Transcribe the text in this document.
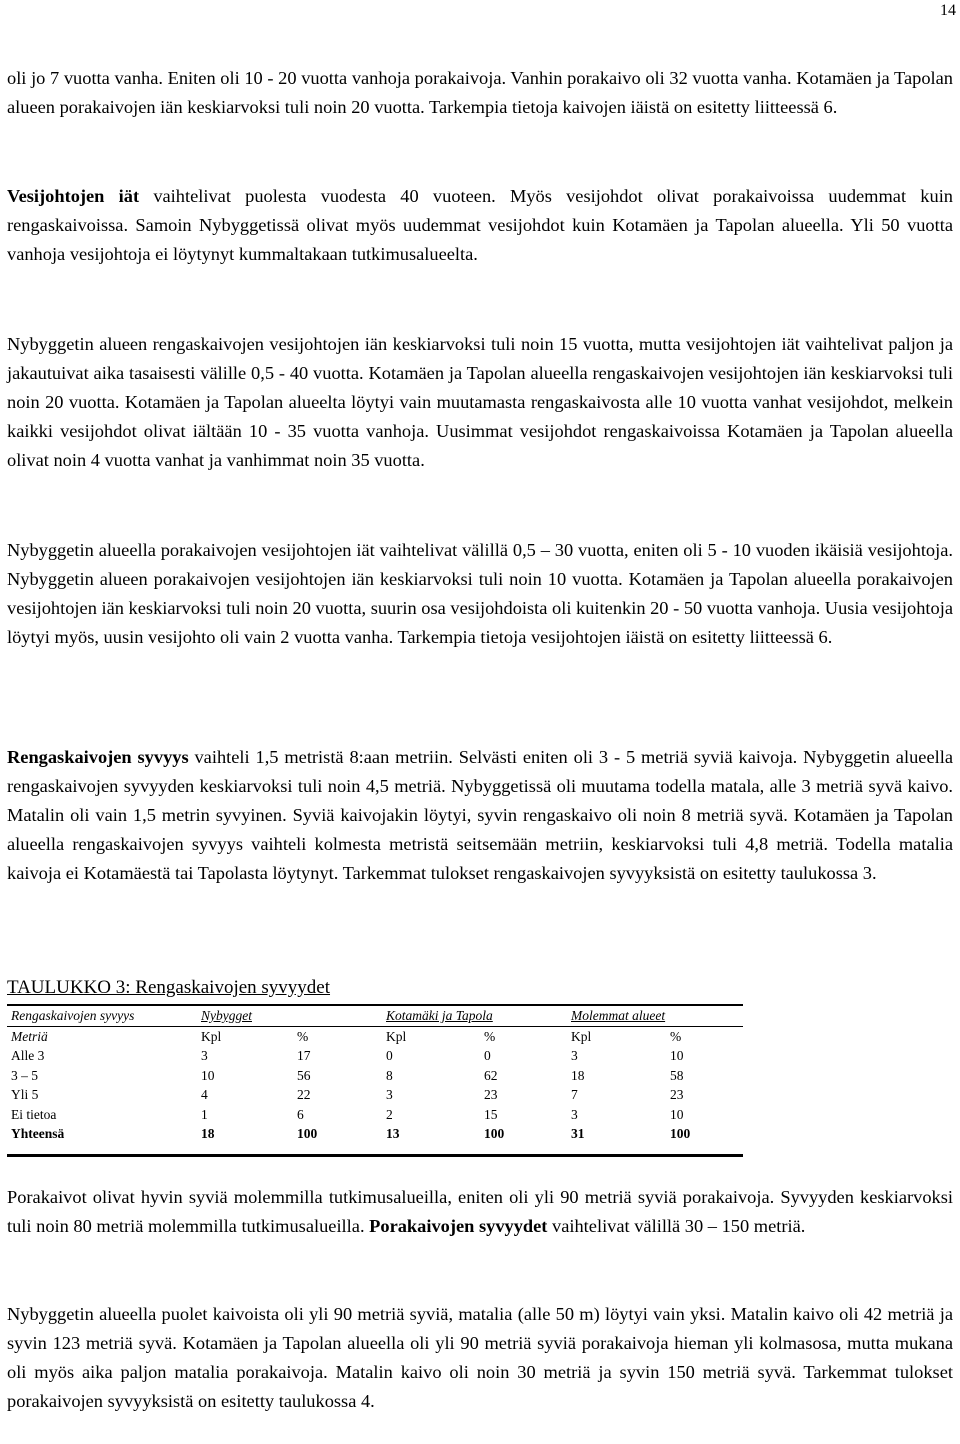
14

oli jo 7 vuotta vanha. Eniten oli 10 - 20 vuotta vanhoja porakaivoja. Vanhin porakaivo oli 32 vuotta vanha. Kotamäen ja Tapolan alueen porakaivojen iän keskiarvoksi tuli noin 20 vuotta. Tarkempia tietoja kaivojen iäistä on esitetty liitteessä 6.

Vesijohtojen iät vaihtelivat puolesta vuodesta 40 vuoteen. Myös vesijohdot olivat porakaivoissa uudemmat kuin rengaskaivoissa. Samoin Nybyggetissä olivat myös uudemmat vesijohdot kuin Kotamäen ja Tapolan alueella. Yli 50 vuotta vanhoja vesijohtoja ei löytynyt kummaltakaan tutkimusalueelta.

Nybyggetin alueen rengaskaivojen vesijohtojen iän keskiarvoksi tuli noin 15 vuotta, mutta vesijohtojen iät vaihtelivat paljon ja jakautuivat aika tasaisesti välille 0,5 - 40 vuotta. Kotamäen ja Tapolan alueella rengaskaivojen vesijohtojen iän keskiarvoksi tuli noin 20 vuotta. Kotamäen ja Tapolan alueelta löytyi vain muutamasta rengaskaivosta alle 10 vuotta vanhat vesijohdot, melkein kaikki vesijohdot olivat iältään 10 - 35 vuotta vanhoja. Uusimmat vesijohdot rengaskaivoissa Kotamäen ja Tapolan alueella olivat noin 4 vuotta vanhat ja vanhimmat noin 35 vuotta.

Nybyggetin alueella porakaivojen vesijohtojen iät vaihtelivat välillä 0,5 – 30 vuotta, eniten oli 5 - 10 vuoden ikäisiä vesijohtoja. Nybyggetin alueen porakaivojen vesijohtojen iän keskiarvoksi tuli noin 10 vuotta. Kotamäen ja Tapolan alueella porakaivojen vesijohtojen iän keskiarvoksi tuli noin 20 vuotta, suurin osa vesijohdoista oli kuitenkin 20 - 50 vuotta vanhoja. Uusia vesijohtoja löytyi myös, uusin vesijohto oli vain 2 vuotta vanha. Tarkempia tietoja vesijohtojen iäistä on esitetty liitteessä 6.

Rengaskaivojen syvyys vaihteli 1,5 metristä 8:aan metriin. Selvästi eniten oli 3 - 5 metriä syviä kaivoja. Nybyggetin alueella rengaskaivojen syvyyden keskiarvoksi tuli noin 4,5 metriä. Nybyggetissä oli muutama todella matala, alle 3 metriä syvä kaivo. Matalin oli vain 1,5 metrin syvyinen. Syviä kaivojakin löytyi, syvin rengaskaivo oli noin 8 metriä syvä. Kotamäen ja Tapolan alueella rengaskaivojen syvyys vaihteli kolmesta metristä seitsemään metriin, keskiarvoksi tuli 4,8 metriä. Todella matalia kaivoja ei Kotamäestä tai Tapolasta löytynyt. Tarkemmat tulokset rengaskaivojen syvyyksistä on esitetty taulukossa 3.

TAULUKKO 3: Rengaskaivojen syvyydet
Rengaskaivojen syvyys	Nybygget		Kotamäki ja Tapola		Molemmat alueet	
Metriä	Kpl	%	Kpl	%	Kpl	%
Alle 3	3	17	0	0	3	10
3 – 5	10	56	8	62	18	58
Yli 5	4	22	3	23	7	23
Ei tietoa	1	6	2	15	3	10
Yhteensä	18	100	13	100	31	100

Porakaivot olivat hyvin syviä molemmilla tutkimusalueilla, eniten oli yli 90 metriä syviä porakaivoja. Syvyyden keskiarvoksi tuli noin 80 metriä molemmilla tutkimusalueilla. Porakaivojen syvyydet vaihtelivat välillä 30 – 150 metriä.

Nybyggetin alueella puolet kaivoista oli yli 90 metriä syviä, matalia (alle 50 m) löytyi vain yksi. Matalin kaivo oli 42 metriä ja syvin 123 metriä syvä. Kotamäen ja Tapolan alueella oli yli 90 metriä syviä porakaivoja hieman yli kolmasosa, mutta mukana oli myös aika paljon matalia porakaivoja. Matalin kaivo oli noin 30 metriä ja syvin 150 metriä syvä. Tarkemmat tulokset porakaivojen syvyyksistä on esitetty taulukossa 4.
